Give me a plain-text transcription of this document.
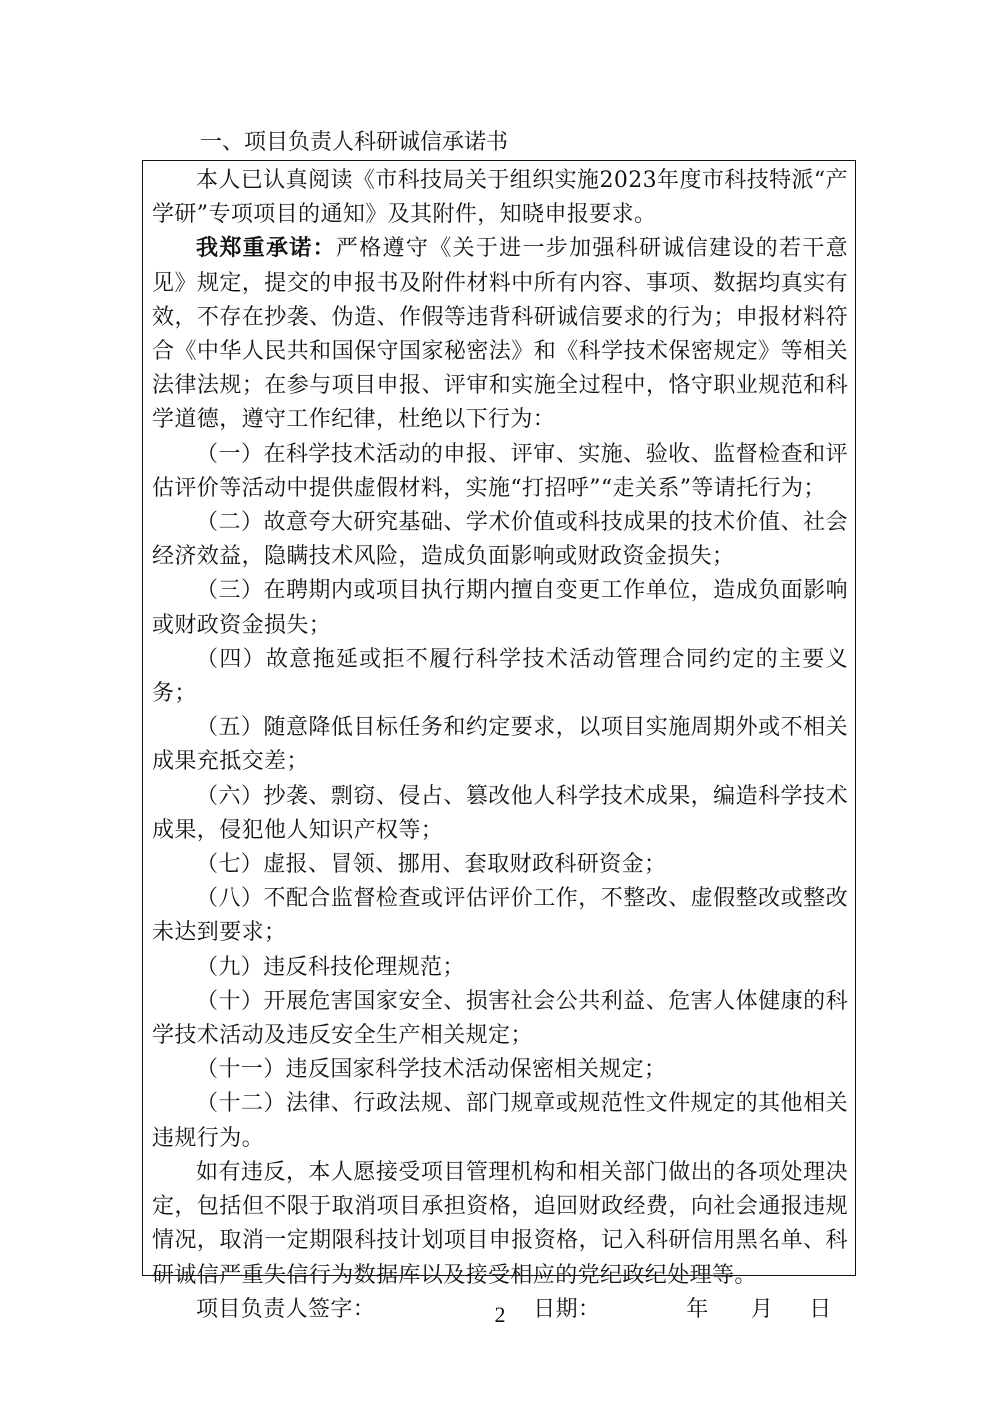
一、项目负责人科研诚信承诺书

本人已认真阅读《市科技局关于组织实施2023年度市科技特派“产学研”专项项目的通知》及其附件，知晓申报要求。

我郑重承诺：严格遵守《关于进一步加强科研诚信建设的若干意见》规定，提交的申报书及附件材料中所有内容、事项、数据均真实有效，不存在抄袭、伪造、作假等违背科研诚信要求的行为；申报材料符合《中华人民共和国保守国家秘密法》和《科学技术保密规定》等相关法律法规；在参与项目申报、评审和实施全过程中，恪守职业规范和科学道德，遵守工作纪律，杜绝以下行为：

（一）在科学技术活动的申报、评审、实施、验收、监督检查和评估评价等活动中提供虚假材料，实施“打招呼”“走关系”等请托行为；

（二）故意夸大研究基础、学术价值或科技成果的技术价值、社会经济效益，隐瞒技术风险，造成负面影响或财政资金损失；

（三）在聘期内或项目执行期内擅自变更工作单位，造成负面影响或财政资金损失；

（四）故意拖延或拒不履行科学技术活动管理合同约定的主要义务；

（五）随意降低目标任务和约定要求，以项目实施周期外或不相关成果充抵交差；

（六）抄袭、剽窃、侵占、篡改他人科学技术成果，编造科学技术成果，侵犯他人知识产权等；

（七）虚报、冒领、挪用、套取财政科研资金；

（八）不配合监督检查或评估评价工作，不整改、虚假整改或整改未达到要求；

（九）违反科技伦理规范；

（十）开展危害国家安全、损害社会公共利益、危害人体健康的科学技术活动及违反安全生产相关规定；

（十一）违反国家科学技术活动保密相关规定；

（十二）法律、行政法规、部门规章或规范性文件规定的其他相关违规行为。

如有违反，本人愿接受项目管理机构和相关部门做出的各项处理决定，包括但不限于取消项目承担资格，追回财政经费，向社会通报违规情况，取消一定期限科技计划项目申报资格，记入科研信用黑名单、科研诚信严重失信行为数据库以及接受相应的党纪政纪处理等。

项目负责人签字：	日期：	年 月 日

2
